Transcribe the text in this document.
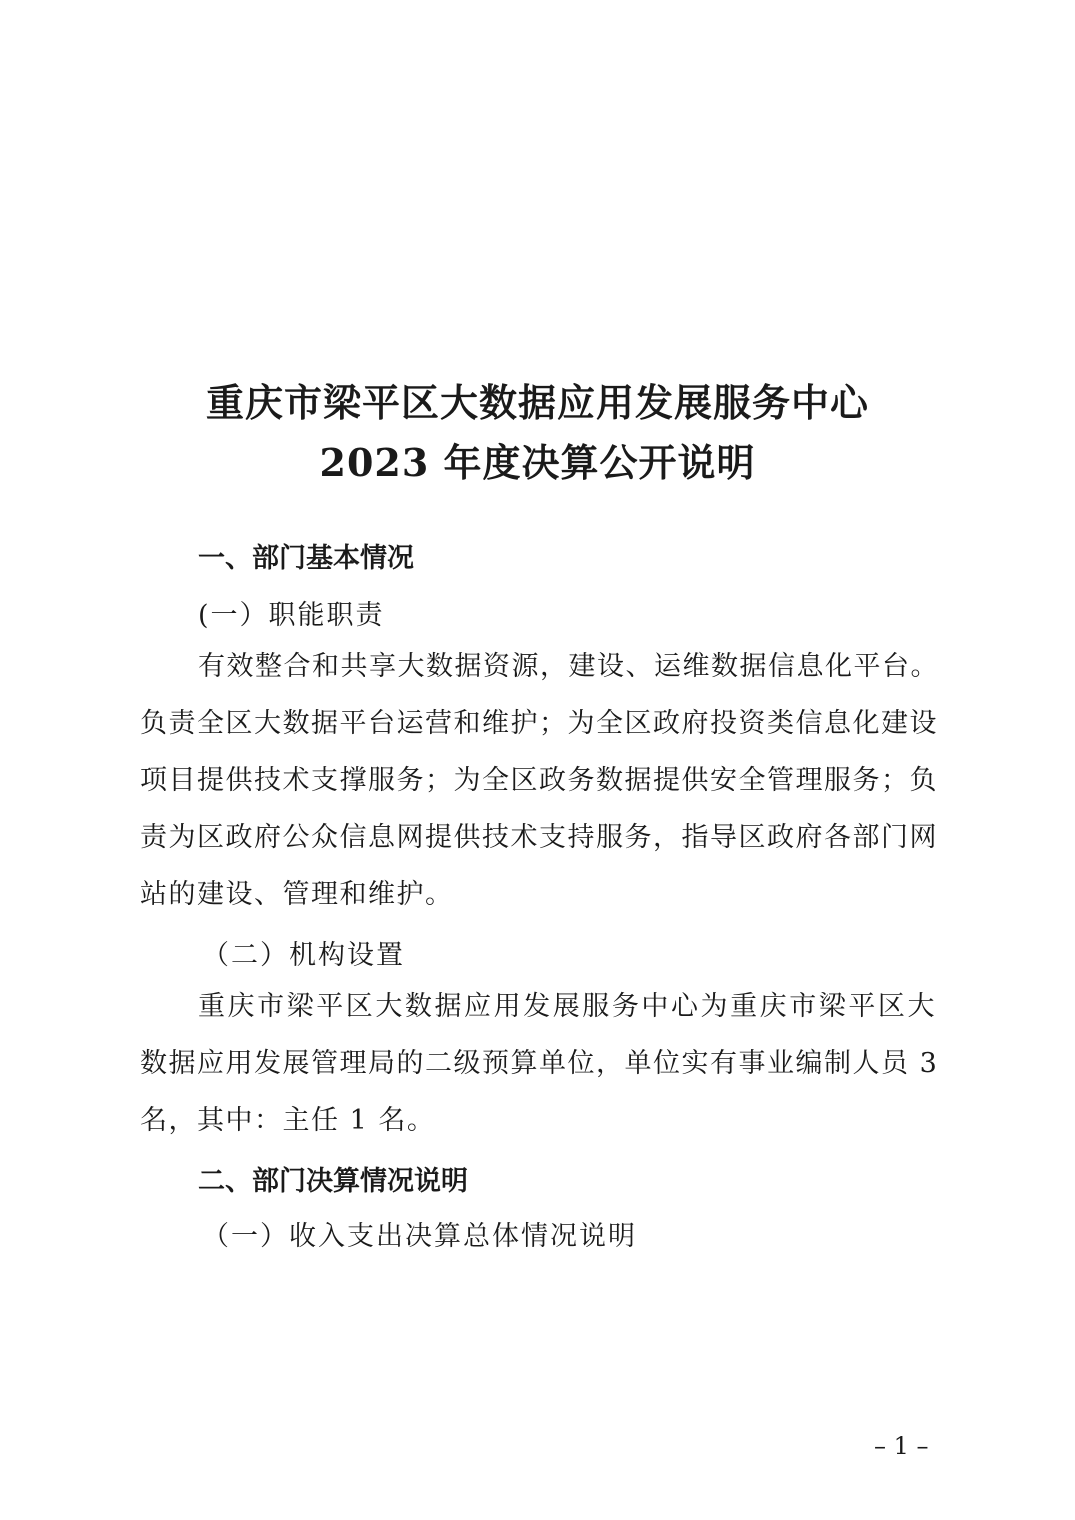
重庆市梁平区大数据应用发展服务中心
2023 年度决算公开说明
一、部门基本情况
(一）职能职责
有效整合和共享大数据资源，建设、运维数据信息化平台。
负责全区大数据平台运营和维护；为全区政府投资类信息化建设
项目提供技术支撑服务；为全区政务数据提供安全管理服务；负
责为区政府公众信息网提供技术支持服务，指导区政府各部门网
站的建设、管理和维护。
（二）机构设置
重庆市梁平区大数据应用发展服务中心为重庆市梁平区大
数据应用发展管理局的二级预算单位，单位实有事业编制人员 3
名，其中：主任 1 名。
二、部门决算情况说明
（一）收入支出决算总体情况说明
– 1 –
